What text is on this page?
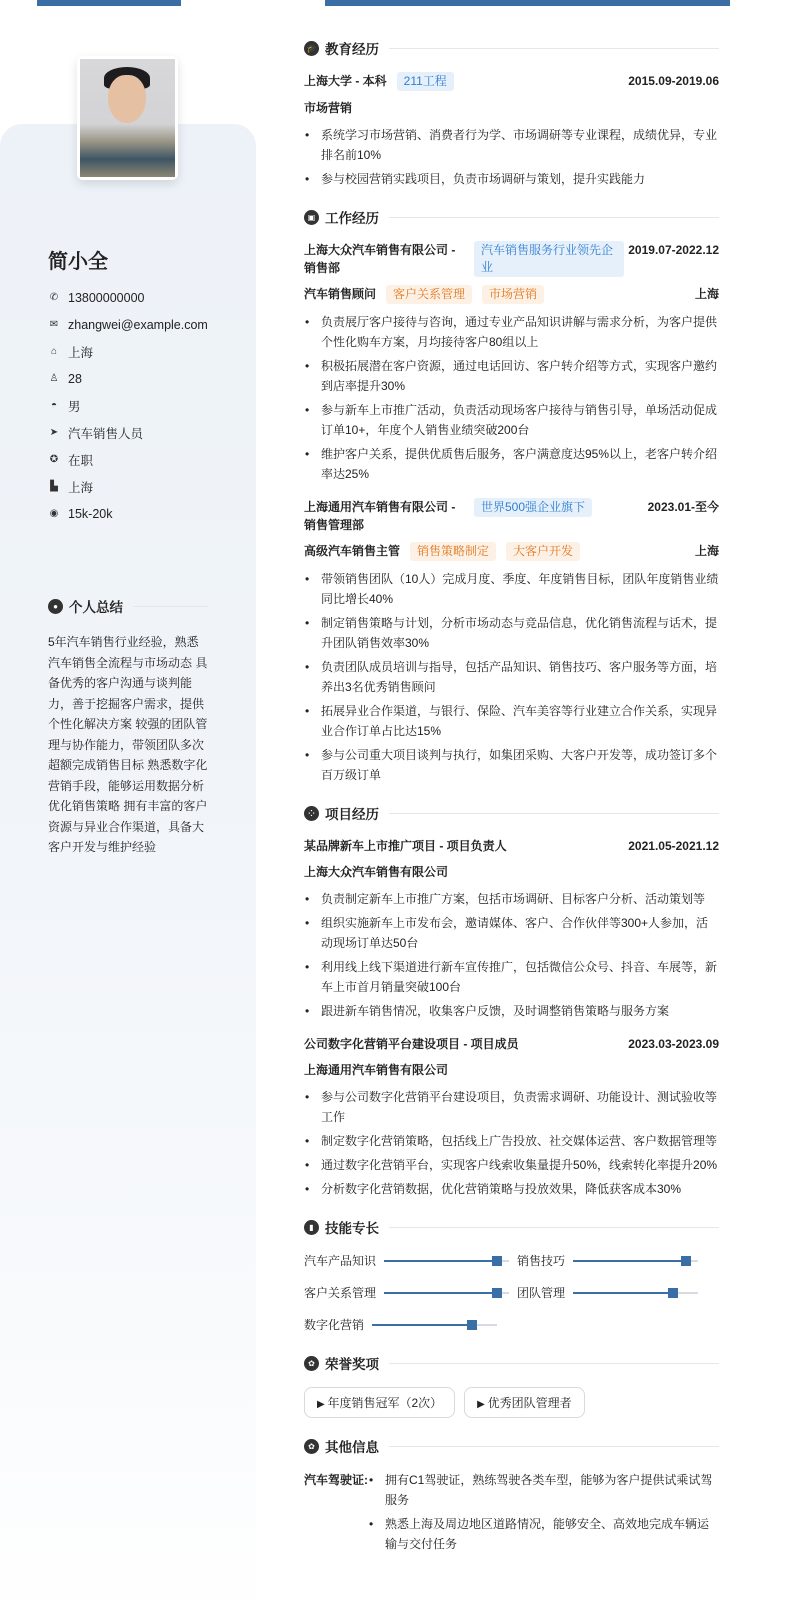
简小全
✆ 13800000000
✉ zhangwei@example.com
⌂ 上海
♙ 28
◓ 男
➤ 汽车销售人员
✪ 在职
▙ 上海
◉ 15k-20k
● 个人总结

5年汽车销售行业经验，熟悉汽车销售全流程与市场动态 具备优秀的客户沟通与谈判能力，善于挖掘客户需求，提供个性化解决方案 较强的团队管理与协作能力，带领团队多次超额完成销售目标 熟悉数字化营销手段，能够运用数据分析优化销售策略 拥有丰富的客户资源与异业合作渠道，具备大客户开发与维护经验

🎓 教育经历
上海大学 - 本科	211工程	2015.09-2019.06
市场营销
• 系统学习市场营销、消费者行为学、市场调研等专业课程，成绩优异，专业排名前10%
• 参与校园营销实践项目，负责市场调研与策划，提升实践能力
▣ 工作经历
上海大众汽车销售有限公司 - 销售部
汽车销售服务行业领先企业
2019.07-2022.12
汽车销售顾问	客户关系管理	市场营销	上海
• 负责展厅客户接待与咨询，通过专业产品知识讲解与需求分析，为客户提供个性化购车方案，月均接待客户80组以上
• 积极拓展潜在客户资源，通过电话回访、客户转介绍等方式，实现客户邀约到店率提升30%
• 参与新车上市推广活动，负责活动现场客户接待与销售引导，单场活动促成订单10+，年度个人销售业绩突破200台
• 维护客户关系，提供优质售后服务，客户满意度达95%以上，老客户转介绍率达25%
上海通用汽车销售有限公司 - 销售管理部
世界500强企业旗下	2023.01-至今
高级汽车销售主管	销售策略制定	大客户开发	上海
• 带领销售团队（10人）完成月度、季度、年度销售目标，团队年度销售业绩同比增长40%
• 制定销售策略与计划，分析市场动态与竞品信息，优化销售流程与话术，提升团队销售效率30%
• 负责团队成员培训与指导，包括产品知识、销售技巧、客户服务等方面，培养出3名优秀销售顾问
• 拓展异业合作渠道，与银行、保险、汽车美容等行业建立合作关系，实现异业合作订单占比达15%
• 参与公司重大项目谈判与执行，如集团采购、大客户开发等，成功签订多个百万级订单
⁘ 项目经历
某品牌新车上市推广项目 - 项目负责人	2021.05-2021.12
上海大众汽车销售有限公司
• 负责制定新车上市推广方案，包括市场调研、目标客户分析、活动策划等
• 组织实施新车上市发布会，邀请媒体、客户、合作伙伴等300+人参加，活动现场订单达50台
• 利用线上线下渠道进行新车宣传推广，包括微信公众号、抖音、车展等，新车上市首月销量突破100台
• 跟进新车销售情况，收集客户反馈，及时调整销售策略与服务方案
公司数字化营销平台建设项目 - 项目成员	2023.03-2023.09
上海通用汽车销售有限公司
• 参与公司数字化营销平台建设项目，负责需求调研、功能设计、测试验收等工作
• 制定数字化营销策略，包括线上广告投放、社交媒体运营、客户数据管理等
• 通过数字化营销平台，实现客户线索收集量提升50%，线索转化率提升20%
• 分析数字化营销数据，优化营销策略与投放效果，降低获客成本30%
▮ 技能专长
汽车产品知识	销售技巧
客户关系管理	团队管理
数字化营销
✿ 荣誉奖项
▶ 年度销售冠军（2次）	▶ 优秀团队管理者
✿ 其他信息
汽车驾驶证:	• 拥有C1驾驶证，熟练驾驶各类车型，能够为客户提供试乘试驾服务
• 熟悉上海及周边地区道路情况，能够安全、高效地完成车辆运输与交付任务
